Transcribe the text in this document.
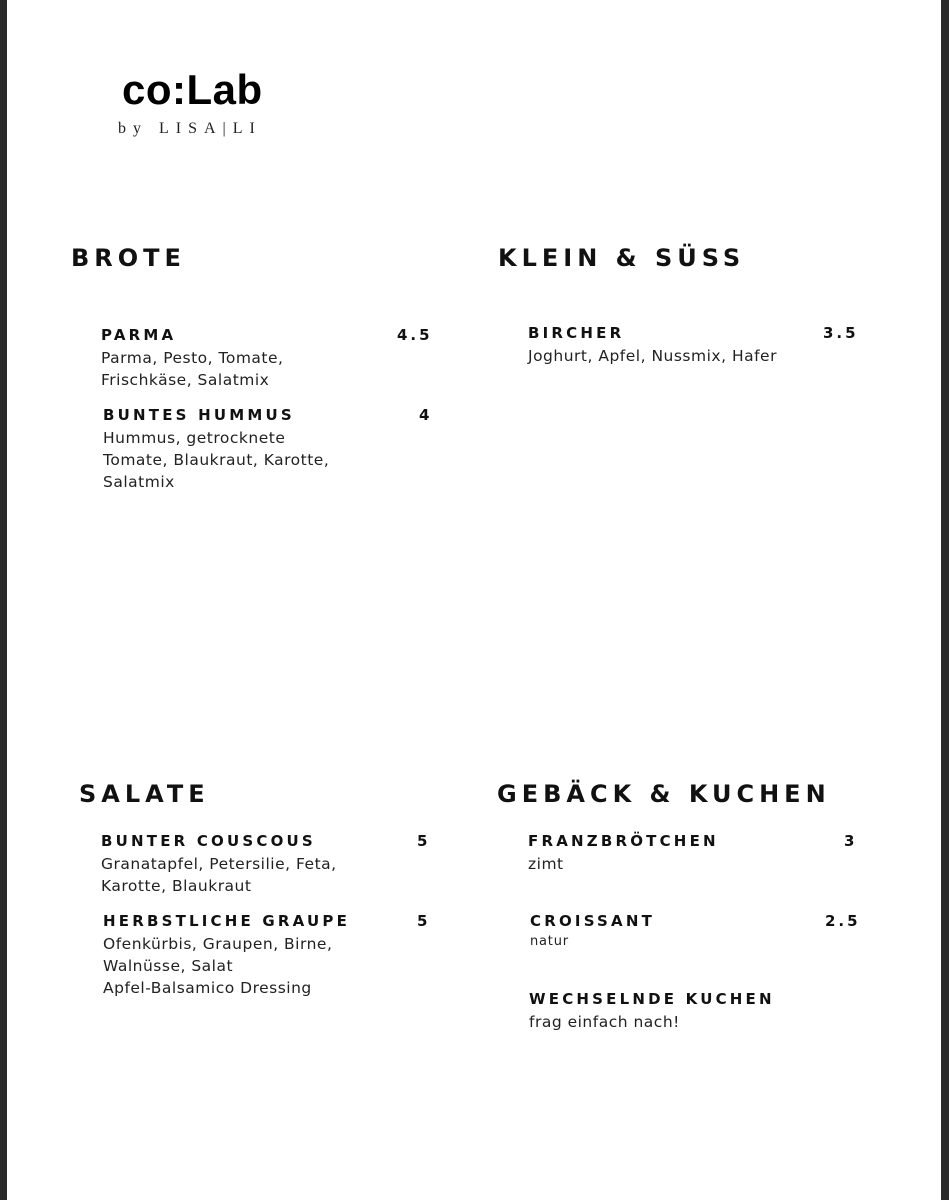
co:Lab
by LISA|LI
BROTE
PARMA
Parma, Pesto, Tomate,
Frischkäse, Salatmix
4.5
BUNTES HUMMUS
Hummus, getrocknete
Tomate, Blaukraut, Karotte,
Salatmix
4
KLEIN & SÜSS
BIRCHER
Joghurt, Apfel, Nussmix, Hafer
3.5
SALATE
BUNTER COUSCOUS
Granatapfel, Petersilie, Feta,
Karotte, Blaukraut
5
HERBSTLICHE GRAUPE
Ofenkürbis, Graupen, Birne,
Walnüsse, Salat
Apfel-Balsamico Dressing
5
GEBÄCK & KUCHEN
FRANZBRÖTCHEN
zimt
3
CROISSANT
natur
2.5
WECHSELNDE KUCHEN
frag einfach nach!
